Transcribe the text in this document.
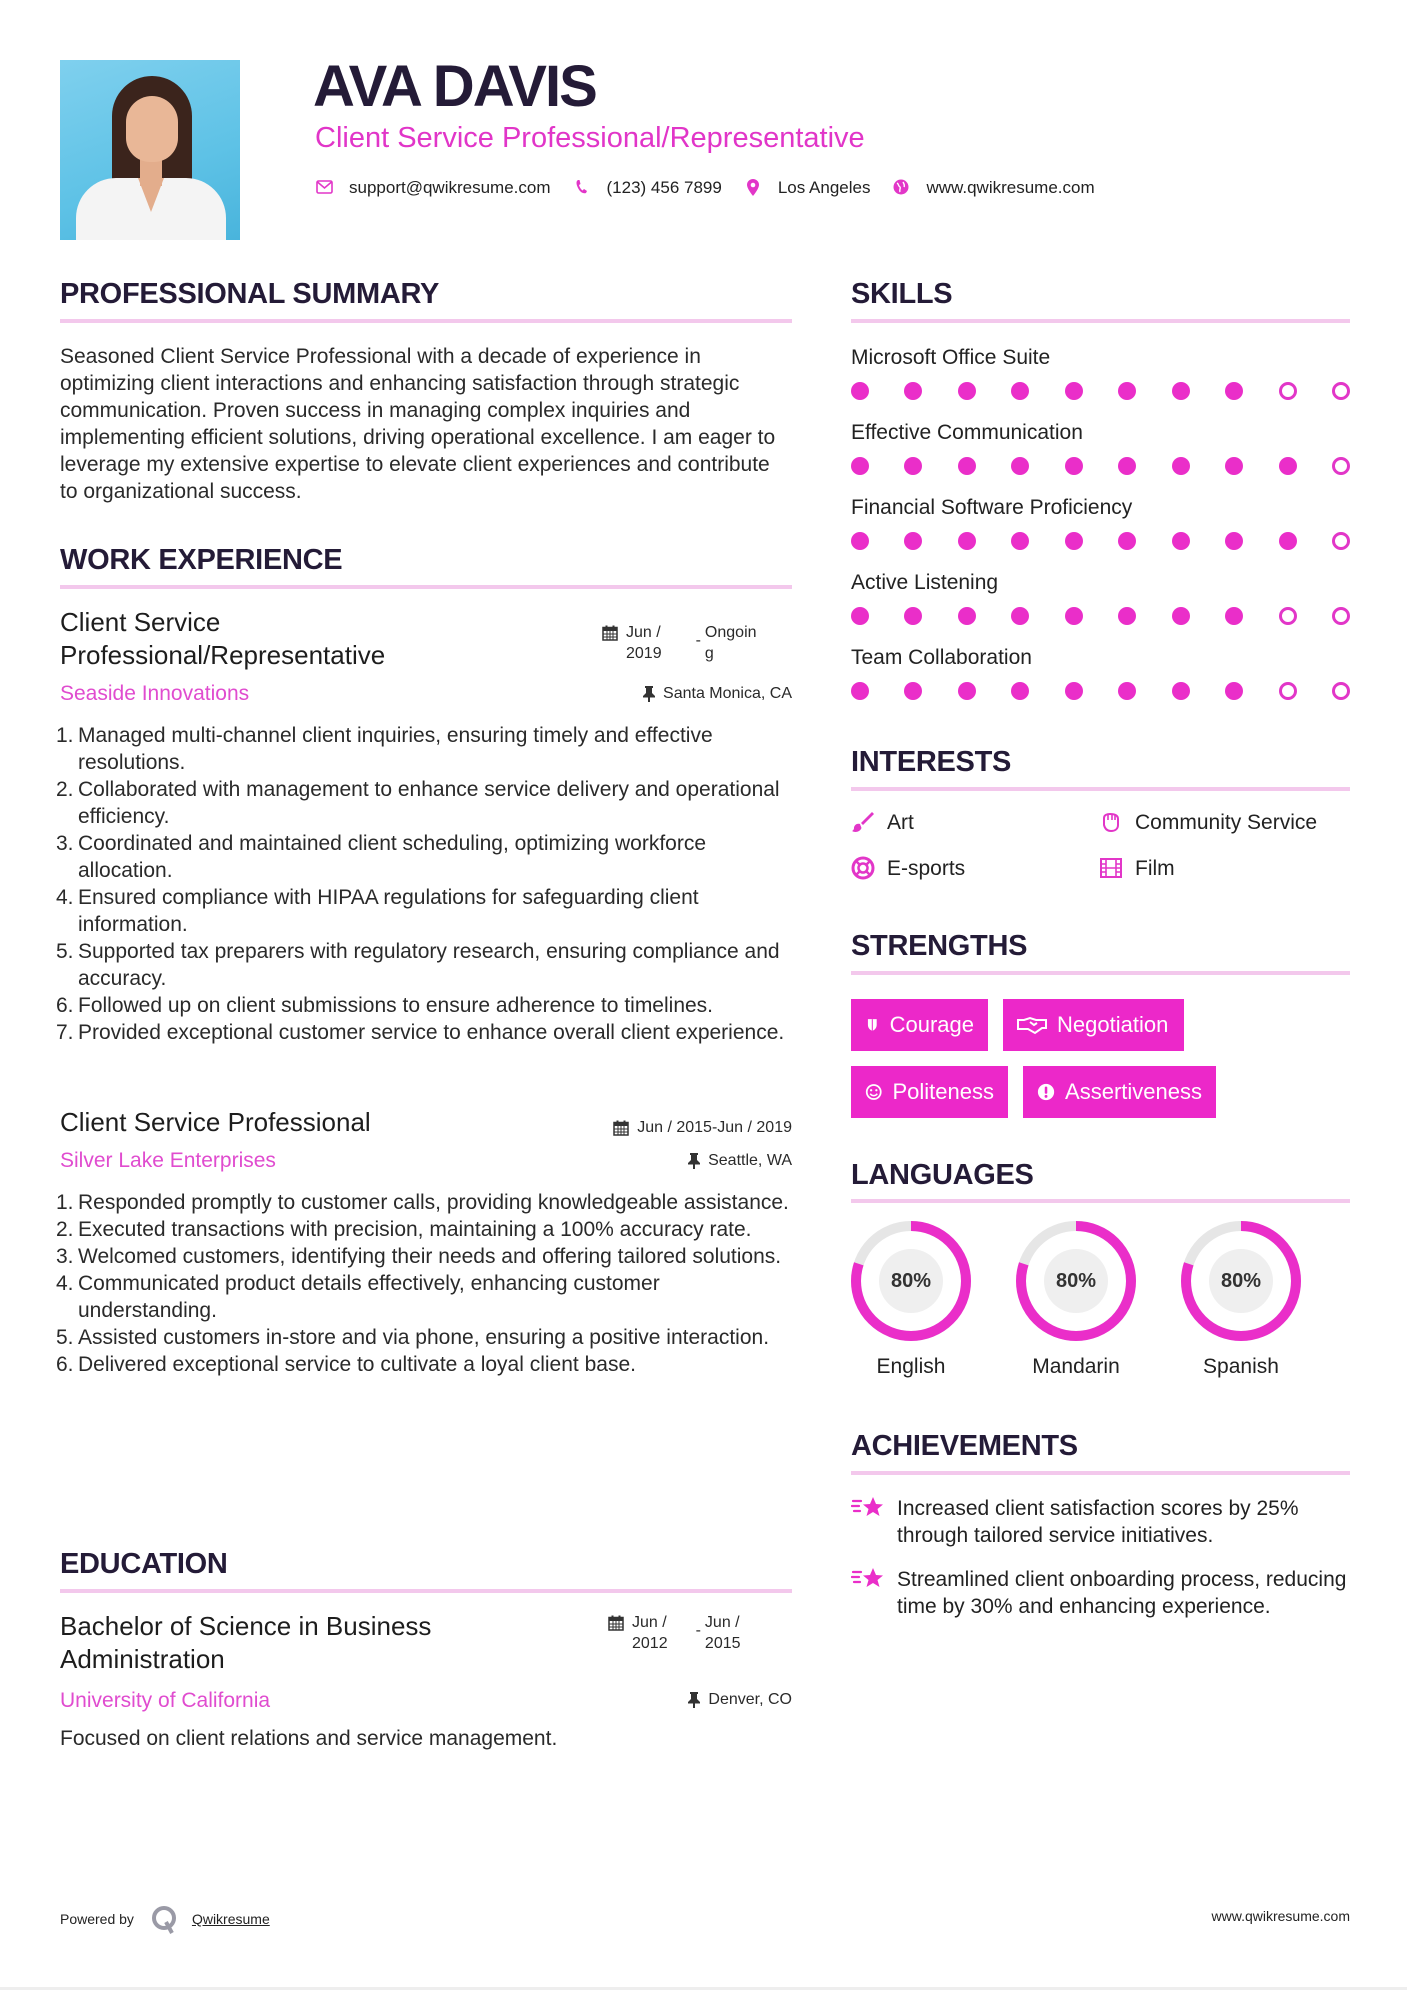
AVA DAVIS
Client Service Professional/Representative
support@qwikresume.com	(123) 456 7899	Los Angeles	www.qwikresume.com
PROFESSIONAL SUMMARY
Seasoned Client Service Professional with a decade of experience in optimizing client interactions and enhancing satisfaction through strategic communication. Proven success in managing complex inquiries and implementing efficient solutions, driving operational excellence. I am eager to leverage my extensive expertise to elevate client experiences and contribute to organizational success.
WORK EXPERIENCE
Client Service
Professional/Representative
Jun /
2019
- Ongoin
g
Seaside Innovations	Santa Monica, CA
1. Managed multi-channel client inquiries, ensuring timely and effective resolutions.
2. Collaborated with management to enhance service delivery and operational efficiency.
3. Coordinated and maintained client scheduling, optimizing workforce allocation.
4. Ensured compliance with HIPAA regulations for safeguarding client information.
5. Supported tax preparers with regulatory research, ensuring compliance and accuracy.
6. Followed up on client submissions to ensure adherence to timelines.
7. Provided exceptional customer service to enhance overall client experience.
Client Service Professional	Jun / 2015-Jun / 2019
Silver Lake Enterprises	Seattle, WA
1. Responded promptly to customer calls, providing knowledgeable assistance.
2. Executed transactions with precision, maintaining a 100% accuracy rate.
3. Welcomed customers, identifying their needs and offering tailored solutions.
4. Communicated product details effectively, enhancing customer understanding.
5. Assisted customers in-store and via phone, ensuring a positive interaction.
6. Delivered exceptional service to cultivate a loyal client base.
EDUCATION
Bachelor of Science in Business
Administration
Jun /
2012
- Jun /
2015
University of California	Denver, CO
Focused on client relations and service management.
SKILLS
Microsoft Office Suite
Effective Communication
Financial Software Proficiency
Active Listening
Team Collaboration
INTERESTS
Art	Community Service
E-sports	Film
STRENGTHS
Courage	Negotiation
Politeness	Assertiveness
LANGUAGES
80%
English
80%
Mandarin
80%
Spanish
ACHIEVEMENTS
Increased client satisfaction scores by 25% through tailored service initiatives.
Streamlined client onboarding process, reducing time by 30% and enhancing experience.
Powered by	Qwikresume	www.qwikresume.com
